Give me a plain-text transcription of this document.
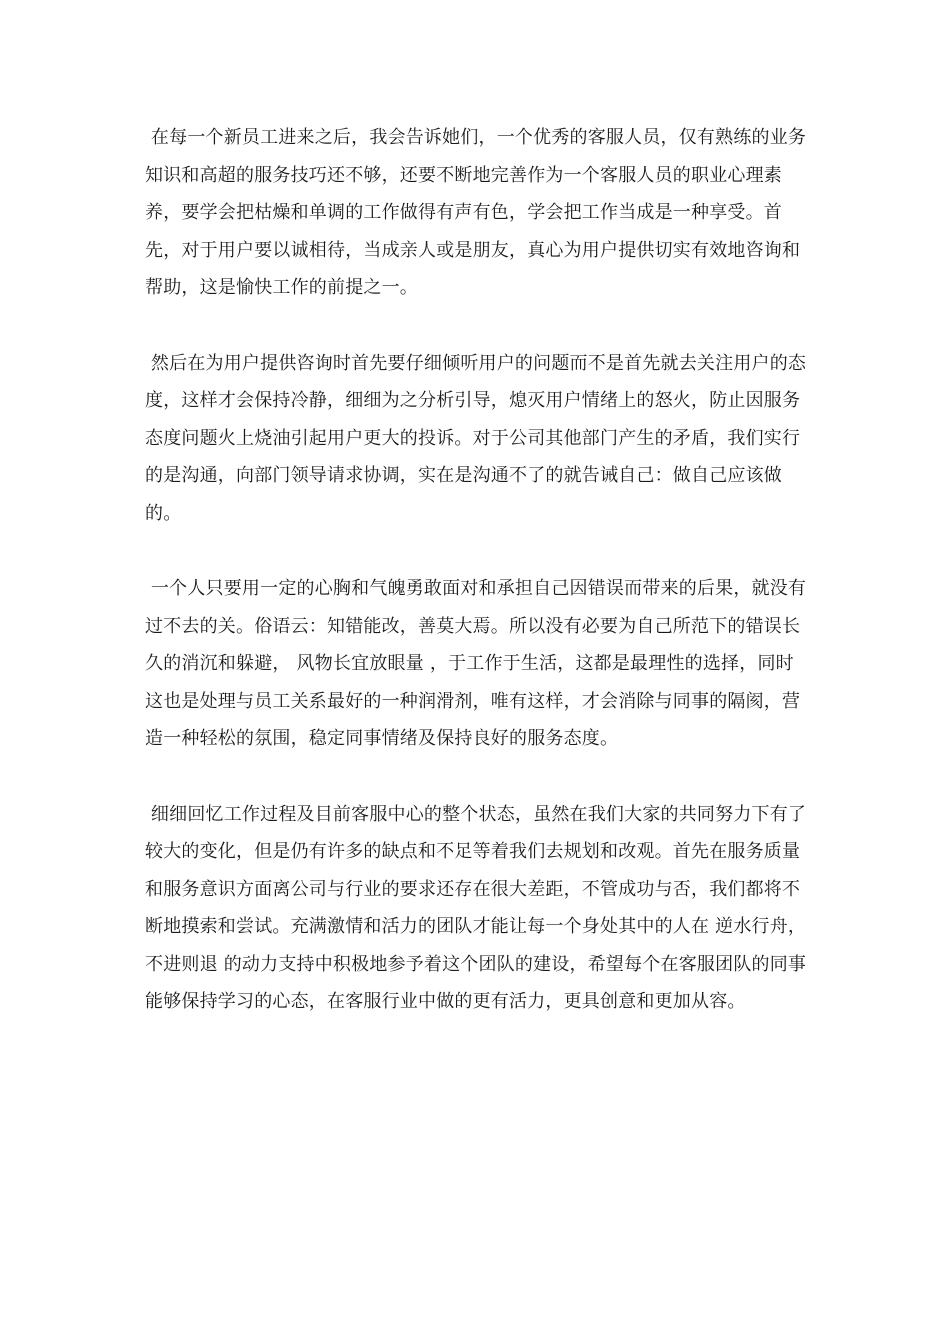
在每一个新员工进来之后，我会告诉她们，一个优秀的客服人员，仅有熟练的业务知识和高超的服务技巧还不够，还要不断地完善作为一个客服人员的职业心理素养，要学会把枯燥和单调的工作做得有声有色，学会把工作当成是一种享受。首先，对于用户要以诚相待，当成亲人或是朋友，真心为用户提供切实有效地咨询和帮助，这是愉快工作的前提之一。

然后在为用户提供咨询时首先要仔细倾听用户的问题而不是首先就去关注用户的态度，这样才会保持冷静，细细为之分析引导，熄灭用户情绪上的怒火，防止因服务态度问题火上烧油引起用户更大的投诉。对于公司其他部门产生的矛盾，我们实行的是沟通，向部门领导请求协调，实在是沟通不了的就告诫自己：做自己应该做的。

一个人只要用一定的心胸和气魄勇敢面对和承担自己因错误而带来的后果，就没有过不去的关。俗语云：知错能改，善莫大焉。所以没有必要为自己所范下的错误长久的消沉和躲避， 风物长宜放眼量 ，于工作于生活，这都是最理性的选择，同时这也是处理与员工关系最好的一种润滑剂，唯有这样，才会消除与同事的隔阂，营造一种轻松的氛围，稳定同事情绪及保持良好的服务态度。

细细回忆工作过程及目前客服中心的整个状态，虽然在我们大家的共同努力下有了较大的变化，但是仍有许多的缺点和不足等着我们去规划和改观。首先在服务质量和服务意识方面离公司与行业的要求还存在很大差距，不管成功与否，我们都将不断地摸索和尝试。充满激情和活力的团队才能让每一个身处其中的人在 逆水行舟，不进则退 的动力支持中积极地参予着这个团队的建设，希望每个在客服团队的同事能够保持学习的心态，在客服行业中做的更有活力，更具创意和更加从容。
